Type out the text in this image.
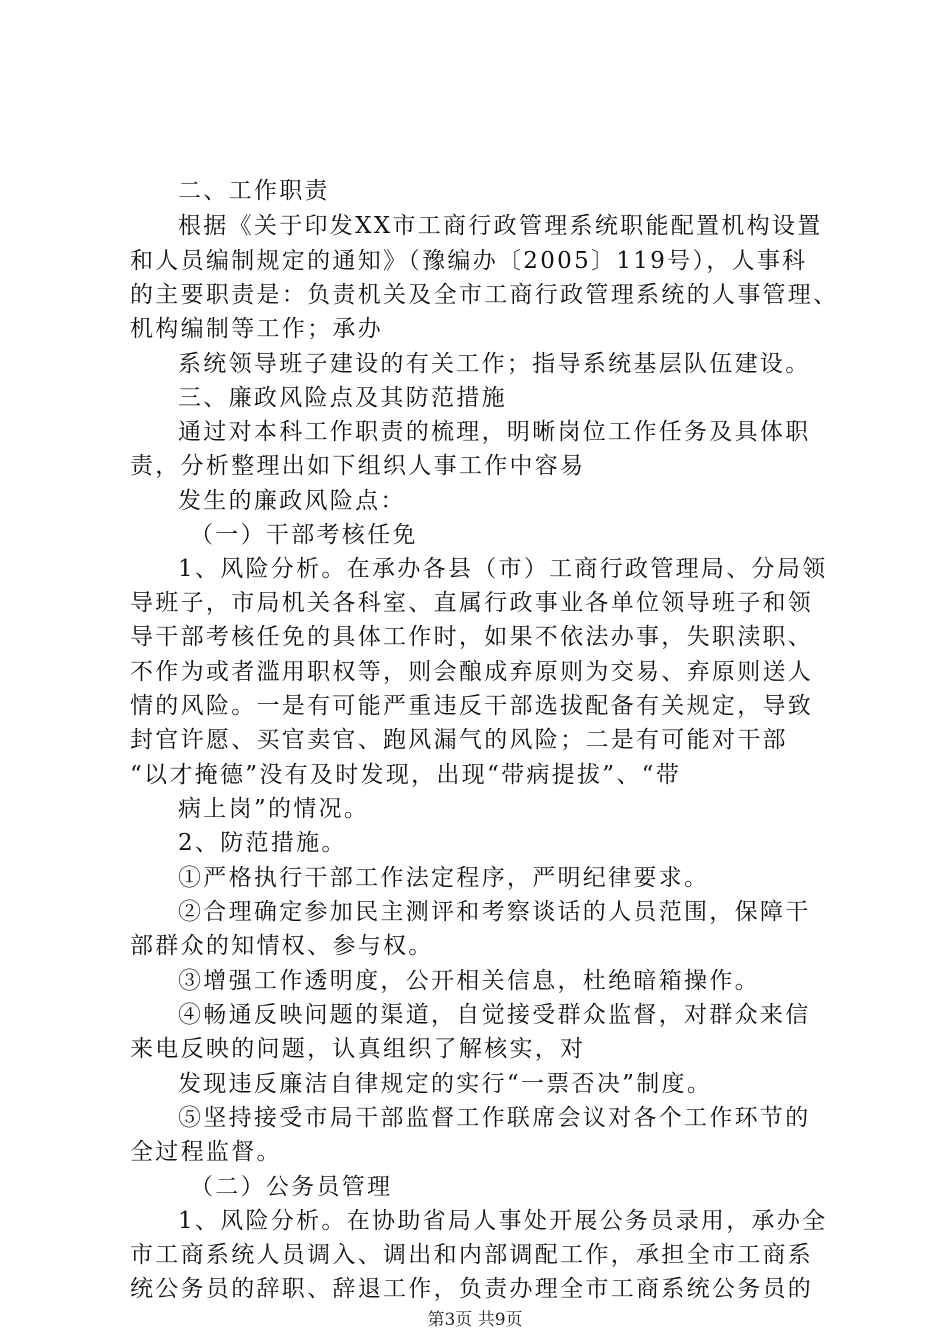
二、工作职责
根据《关于印发XX市工商行政管理系统职能配置机构设置
和人员编制规定的通知》（豫编办〔2005〕119号），人事科
的主要职责是：负责机关及全市工商行政管理系统的人事管理、
机构编制等工作；承办
系统领导班子建设的有关工作；指导系统基层队伍建设。
三、廉政风险点及其防范措施
通过对本科工作职责的梳理，明晰岗位工作任务及具体职
责，分析整理出如下组织人事工作中容易
发生的廉政风险点：
（一）干部考核任免
1、风险分析。在承办各县（市）工商行政管理局、分局领
导班子，市局机关各科室、直属行政事业各单位领导班子和领
导干部考核任免的具体工作时，如果不依法办事，失职渎职、
不作为或者滥用职权等，则会酿成弃原则为交易、弃原则送人
情的风险。一是有可能严重违反干部选拔配备有关规定，导致
封官许愿、买官卖官、跑风漏气的风险；二是有可能对干部
“以才掩德”没有及时发现，出现“带病提拔”、“带
病上岗”的情况。
2、防范措施。
①严格执行干部工作法定程序，严明纪律要求。
②合理确定参加民主测评和考察谈话的人员范围，保障干
部群众的知情权、参与权。
③增强工作透明度，公开相关信息，杜绝暗箱操作。
④畅通反映问题的渠道，自觉接受群众监督，对群众来信
来电反映的问题，认真组织了解核实，对
发现违反廉洁自律规定的实行“一票否决”制度。
⑤坚持接受市局干部监督工作联席会议对各个工作环节的
全过程监督。
（二）公务员管理
1、风险分析。在协助省局人事处开展公务员录用，承办全
市工商系统人员调入、调出和内部调配工作，承担全市工商系
统公务员的辞职、辞退工作，负责办理全市工商系统公务员的
第3页 共9页
